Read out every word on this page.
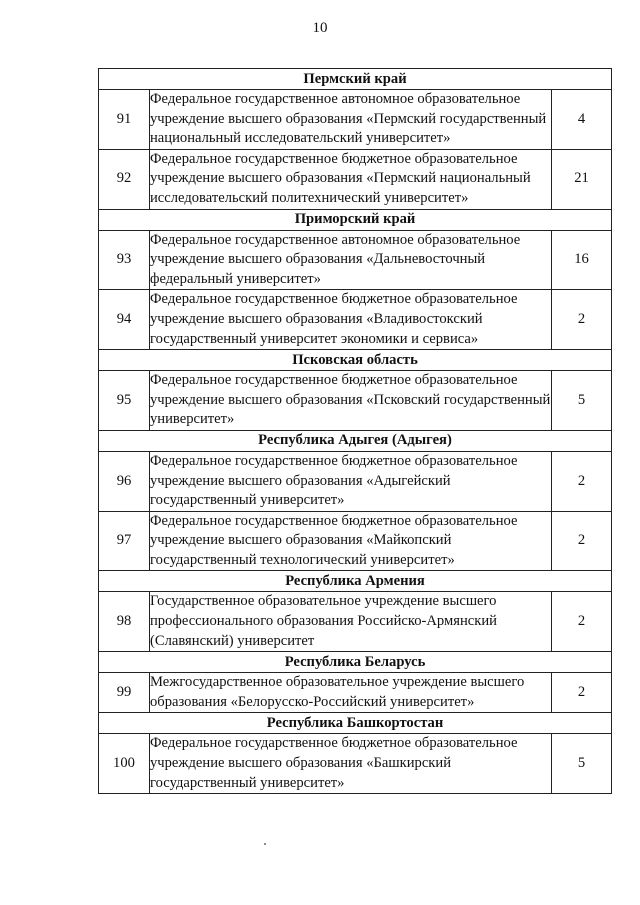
10
Пермский край		
91	Федеральное государственное автономное образовательное учреждение высшего образования «Пермский государственный национальный исследовательский университет»	4
92	Федеральное государственное бюджетное образовательное учреждение высшего образования «Пермский национальный исследовательский политехнический университет»	21
Приморский край		
93	Федеральное государственное автономное образовательное учреждение высшего образования «Дальневосточный федеральный университет»	16
94	Федеральное государственное бюджетное образовательное учреждение высшего образования «Владивостокский государственный университет экономики и сервиса»	2
Псковская область		
95	Федеральное государственное бюджетное образовательное учреждение высшего образования «Псковский государственный университет»	5
Республика Адыгея (Адыгея)		
96	Федеральное государственное бюджетное образовательное учреждение высшего образования «Адыгейский государственный университет»	2
97	Федеральное государственное бюджетное образовательное учреждение высшего образования «Майкопский государственный технологический университет»	2
Республика Армения		
98	Государственное образовательное учреждение высшего профессионального образования Российско-Армянский (Славянский) университет	2
Республика Беларусь		
99	Межгосударственное образовательное учреждение высшего образования «Белорусско-Российский университет»	2
Республика Башкортостан		
100	Федеральное государственное бюджетное образовательное учреждение высшего образования «Башкирский государственный университет»	5
